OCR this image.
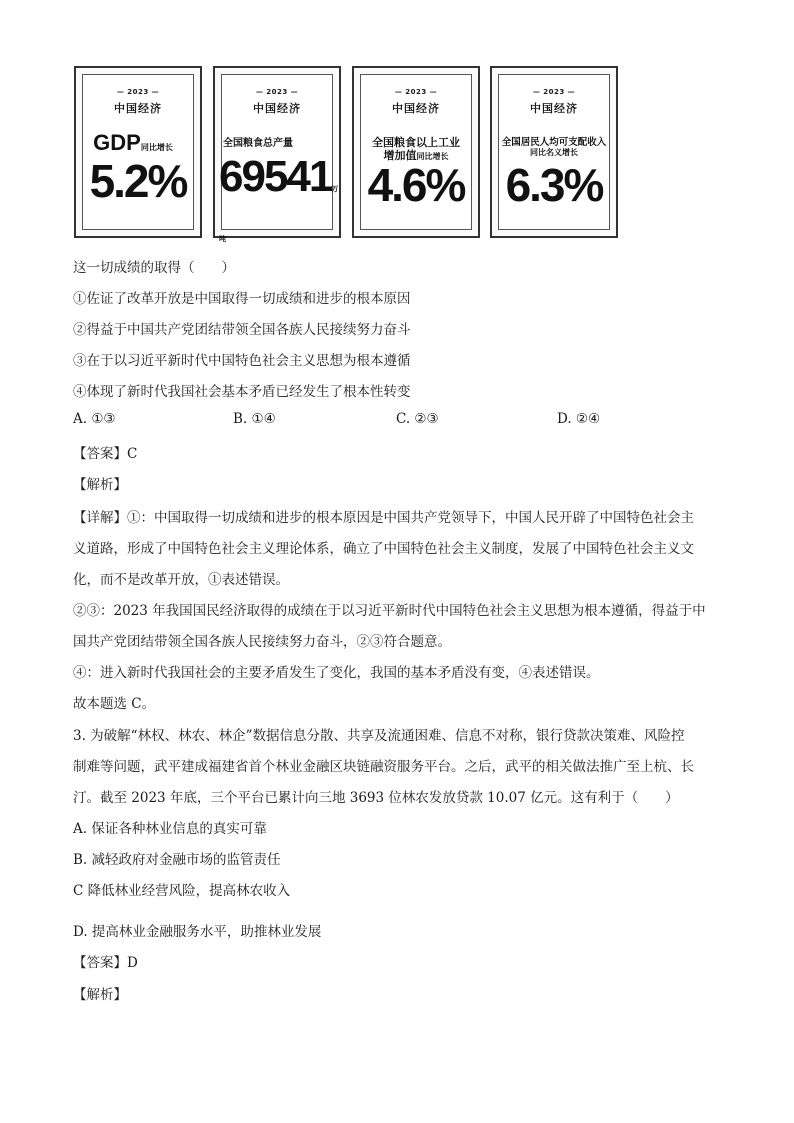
— 2023 —
中国经济
GDP同比增长
5.2%
— 2023 —
中国经济
全国粮食总产量
69541万吨
— 2023 —
中国经济
全国粮食以上工业
增加值同比增长
4.6%
— 2023 —
中国经济
全国居民人均可支配收入
同比名义增长
6.3%
这一切成绩的取得（　　）
①佐证了改革开放是中国取得一切成绩和进步的根本原因
②得益于中国共产党团结带领全国各族人民接续努力奋斗
③在于以习近平新时代中国特色社会主义思想为根本遵循
④体现了新时代我国社会基本矛盾已经发生了根本性转变
A. ①③	B. ①④	C. ②③	D. ②④
【答案】C
【解析】
【详解】①：中国取得一切成绩和进步的根本原因是中国共产党领导下，中国人民开辟了中国特色社会主
义道路，形成了中国特色社会主义理论体系，确立了中国特色社会主义制度，发展了中国特色社会主义文
化，而不是改革开放，①表述错误。
②③：2023 年我国国民经济取得的成绩在于以习近平新时代中国特色社会主义思想为根本遵循，得益于中
国共产党团结带领全国各族人民接续努力奋斗，②③符合题意。
④：进入新时代我国社会的主要矛盾发生了变化，我国的基本矛盾没有变，④表述错误。
故本题选 C。
3. 为破解“林权、林农、林企”数据信息分散、共享及流通困难、信息不对称，银行贷款决策难、风险控
制难等问题，武平建成福建省首个林业金融区块链融资服务平台。之后，武平的相关做法推广至上杭、长
汀。截至 2023 年底，三个平台已累计向三地 3693 位林农发放贷款 10.07 亿元。这有利于（　　）
A. 保证各种林业信息的真实可靠
B. 减轻政府对金融市场的监管责任
C 降低林业经营风险，提高林农收入
D. 提高林业金融服务水平，助推林业发展
【答案】D
【解析】
